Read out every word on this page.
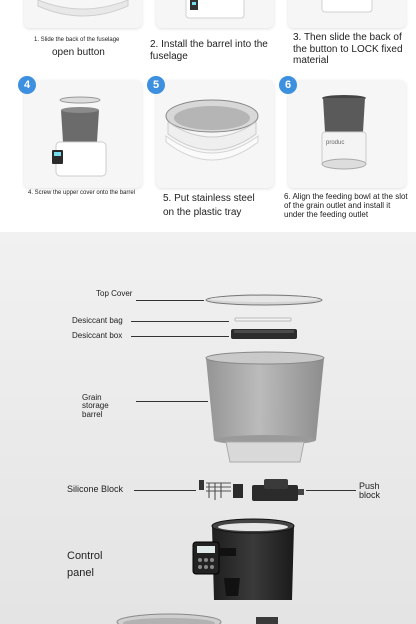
1. Slide the back of the fuselage
open button
2. Install the barrel into the fuselage
3. Then slide the back of the button to LOCK fixed material
produc
4	5	6
4. Screw the upper cover onto the barrel	5. Put stainless steel on the plastic tray
6. Align the feeding bowl at the slot of the grain outlet and install it under the feeding outlet
Top Cover
Desiccant bag
Desiccant box
Grain storage barrel
Silicone Block	Push block
Control panel
